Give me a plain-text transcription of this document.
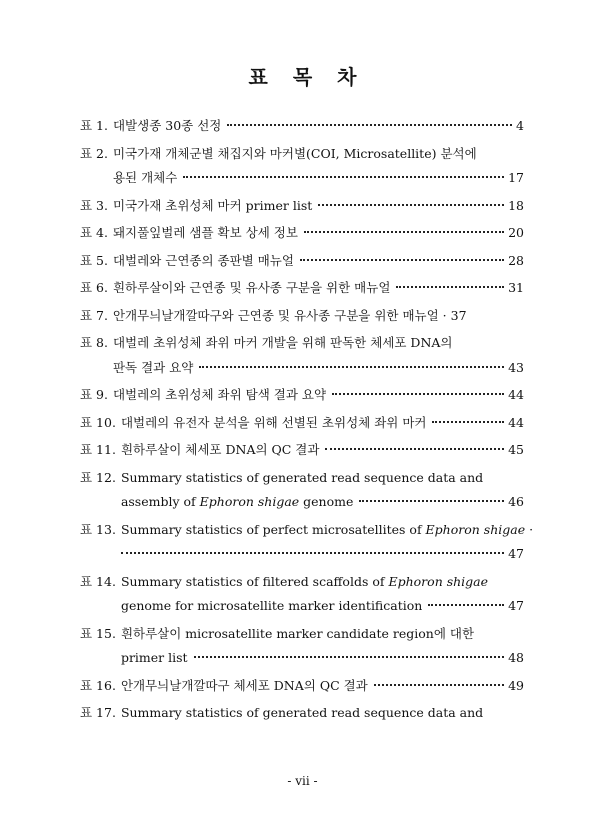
표 목 차
표 1. 대발생종 30종 선정	4
표 2. 미국가재 개체군별 채집지와 마커별(COI, Microsatellite) 분석에
용된 개체수	17
표 3. 미국가재 초위성체 마커 primer list	18
표 4. 돼지풀잎벌레 샘플 확보 상세 정보	20
표 5. 대벌레와 근연종의 종판별 매뉴얼	28
표 6. 흰하루살이와 근연종 및 유사종 구분을 위한 매뉴얼	31
표 7. 안개무늬날개깔따구와 근연종 및 유사종 구분을 위한 매뉴얼 · 37
표 8. 대벌레 초위성체 좌위 마커 개발을 위해 판독한 체세포 DNA의
판독 결과 요약	43
표 9. 대벌레의 초위성체 좌위 탐색 결과 요약	44
표 10. 대벌레의 유전자 분석을 위해 선별된 초위성체 좌위 마커	44
표 11. 흰하루살이 체세포 DNA의 QC 결과	45
표 12. Summary statistics of generated read sequence data and
assembly of Ephoron shigae genome	46
표 13. Summary statistics of perfect microsatellites of Ephoron shigae ·
47
표 14. Summary statistics of filtered scaffolds of Ephoron shigae
genome for microsatellite marker identification	47
표 15. 흰하루살이 microsatellite marker candidate region에 대한
primer list	48
표 16. 안개무늬날개깔따구 체세포 DNA의 QC 결과	49
표 17. Summary statistics of generated read sequence data and
- vii -
